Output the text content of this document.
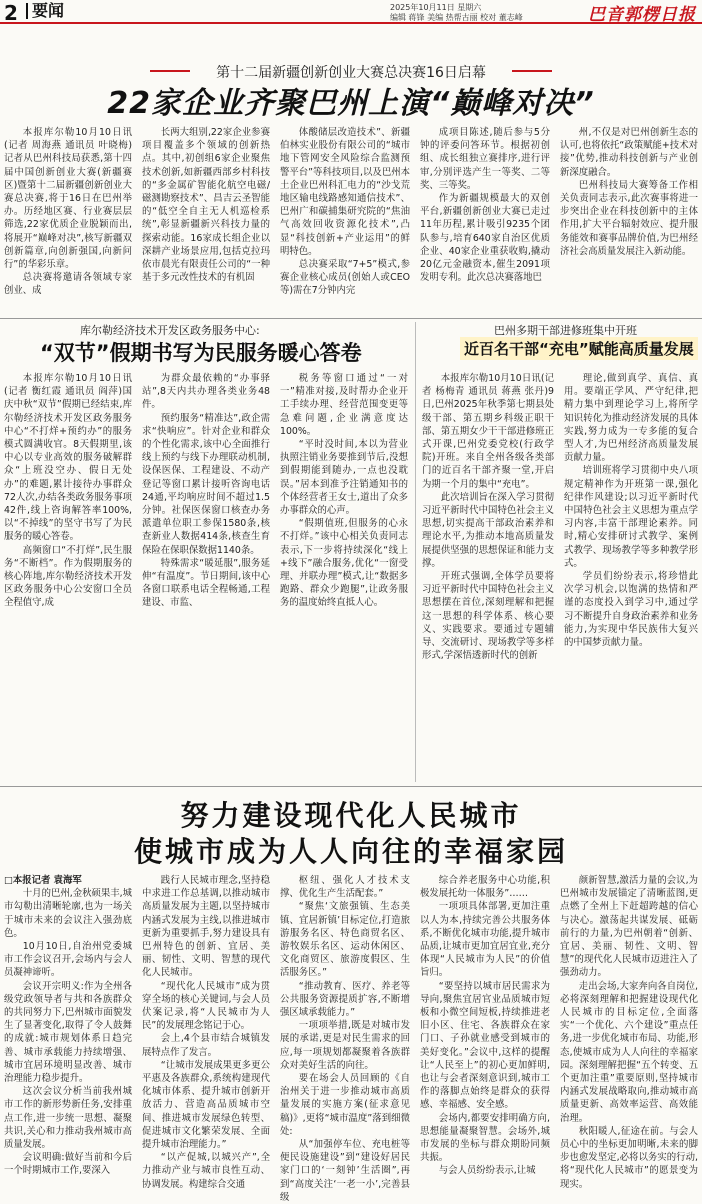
2 要闻	2025年10月11日 星期六
编辑 蒋锋 美编 热帮古丽 校对 董志峰	巴音郭楞日报
第十二届新疆创新创业大赛总决赛16日启幕
22家企业齐聚巴州上演“巅峰对决”

本报库尔勒10月10日讯(记者 周海燕 通讯员 叶晓梅)记者从巴州科技局获悉,第十四届中国创新创业大赛(新疆赛区)暨第十二届新疆创新创业大赛总决赛,将于16日在巴州举办。历经地区赛、行业赛层层筛选,22家优质企业脱颖而出,将展开“巅峰对决”,核写新疆双创新篇章,向创新强国,向新问行”的华彩乐章。

总决赛将邀请各领域专家创业、成

长两大组别,22家企业参赛项目覆盖多个领域的创新热点。其中,初创组6家企业聚焦技术创新,如新疆西部乡村科技的“多金属矿智能化航空电磁/磁测勘察技术”、昌吉云圣智能的“低空全自主无人机巡检系统”,彰显新疆新兴科技力量的探索动能。16家成长组企业以深耕产业场景应用,包括克拉玛依市晨光有限责任公司的“一种基于多元改性技术的有机固

体酸储层改造技术”、新疆伯林实业股份有限公司的“城市地下管网安全风险综合监测预警平台”等科技项目,以及巴州本土企业巴州科汇电力的“沙戈荒地区输电线路感知通信技术”、巴州广和碳捕集研究院的“焦油气高效回收资源化技术”,凸显“科技创新+产业运用”的鲜明特色。

总决赛采取“7+5”模式,参赛企业核心成员(创始人或CEO等)需在7分钟内完

成项目陈述,随后参与5分钟的评委问答环节。根据初创组、成长组独立赛排序,进行评审,分别评选产生一等奖、二等奖、三等奖。

作为新疆规模最大的双创平台,新疆创新创业大赛已走过11年历程,累计吸引9235个团队参与,培育640家自治区优质企业、40家企业重获收购,撬动20亿元金融资本,催生2091项发明专利。此次总决赛落地巴

州,不仅是对巴州创新生态的认可,也将依托“政策赋能+技术对接”优势,推动科技创新与产业创新深度融合。

巴州科技局大赛筹备工作相关负责同志表示,此次赛事将进一步突出企业在科技创新中的主体作用,扩大平台辐射效应、提升服务能效和赛事品牌价值,为巴州经济社会高质量发展注入新动能。

库尔勒经济技术开发区政务服务中心:
“双节”假期书写为民服务暖心答卷

本报库尔勒10月10日讯(记者 衡红霞 通讯员 阎萍)国庆中秋“双节”假期已经结束,库尔勒经济技术开发区政务服务中心“不打烊+预约办”的服务模式圆满收官。8天假期里,该中心以专业高效的服务破解群众“上班没空办、假日无处办”的难题,累计接待办事群众72人次,办结各类政务服务事项42件,线上咨询解答率100%,以“不掉线”的坚守书写了为民服务的暖心答卷。

高频窗口“不打烊”,民生服务“不断档”。作为假期服务的核心阵地,库尔勒经济技术开发区政务服务中心公安窗口全员全程值守,成

为群众最依赖的“办事驿站”,8天内共办理各类业务48件。

预约服务“精准达”,政企需求“快响应”。针对企业和群众的个性化需求,该中心全面推行线上预约与线下办理联动机制,设保医保、工程建设、不动产登记等窗口累计接听咨询电话24通,平均响应时间不超过1.5分钟。社保医保窗口核查办务派遣单位职工参保1580条,核查新业人数据414条,核查生育保险在保职保数据1140条。

特殊需求“暖延服”,服务延伸“有温度”。节日期间,该中心各窗口联系电话全程畅通,工程建设、市监、

税务等窗口通过“一对一”精准对接,及时帮办企业开工手续办理、经营范围变更等急难问题,企业满意度达100%。

“平时没时间,本以为营业执照注销业务要推到节后,没想到假期能到随办,一点也没耽误。”居本到准予注销通知书的个体经营者王女士,道出了众多办事群众的心声。

“假期值班,但服务的心永不打烊。”该中心相关负责同志表示,下一步将持续深化“线上+线下”融合服务,优化“一窗受理、并联办理”模式,让“数据多跑路、群众少跑腿”,让政务服务的温度始终直抵人心。

巴州多期干部进修班集中开班
近百名干部“充电”赋能高质量发展

本报库尔勒10月10日讯(记者 杨梅青 通讯员 蒋燕 张丹)9日,巴州2025年秋季第七期县处级干部、第五期乡科级正职干部、第五期女少干干部进修班正式开课,巴州党委党校(行政学院)开班。来自全州各级各类部门的近百名干部齐聚一堂,开启为期一个月的集中“充电”。

此次培训旨在深入学习贯彻习近平新时代中国特色社会主义思想,切实提高干部政治素养和理论水平,为推动本地高质量发展提供坚强的思想保证和能力支撑。

开班式强调,全体学员要将习近平新时代中国特色社会主义思想摆在首位,深刻理解和把握这一思想的科学体系、核心要义、实践要求。要通过专题辅导、交流研讨、现场教学等多样形式,学深悟透新时代的创新

理论,做到真学、真信、真用。要端正学风、严守纪律,把精力集中到理论学习上,将所学知识转化为推动经济发展的具体实践,努力成为一专多能的复合型人才,为巴州经济高质量发展贡献力量。

培训班将学习贯彻中央八项规定精神作为开班第一课,强化纪律作风建设;以习近平新时代中国特色社会主义思想为重点学习内容,丰富干部理论素养。同时,精心安排研讨式教学、案例式教学、现场教学等多种教学形式。

学员们纷纷表示,将珍惜此次学习机会,以饱满的热情和严谨的态度投入到学习中,通过学习不断提升自身政治素养和业务能力,为实现中华民族伟大复兴的中国梦贡献力量。

努力建设现代化人民城市
使城市成为人人向往的幸福家园
□本报记者 袁海军

十月的巴州,金秋硕果丰,城市勾勒出清晰轮廓,也为一场关于城市未来的会议注入强劲底色。

10月10日,自治州党委城市工作会议召开,会场内与会人员凝神谛听。

会议开宗明义:作为全州各级党政领导者与共和各族群众的共同努力下,巴州城市面貌发生了显著变化,取得了令人鼓舞的成就:城市规划体系日趋完善、城市承载能力持续增强、城市宜居环境明显改善、城市治理能力稳步提升。

这次会议分析当前我州城市工作的新形势新任务,安排重点工作,进一步统一思想、凝聚共识,关心和力推动我州城市高质量发展。

会议明确:做好当前和今后一个时期城市工作,要深入

践行人民城市理念,坚持稳中求进工作总基调,以推动城市高质量发展为主题,以坚持城市内涵式发展为主线,以推进城市更新为重要抓手,努力建设具有巴州特色的创新、宜居、美丽、韧性、文明、智慧的现代化人民城市。

“现代化人民城市”成为贯穿全场的核心关键词,与会人员伏案记录,将“人民城市为人民”的发展理念铭记于心。

会上,4个县市结合城镇发展特点作了发言。

“让城市发展成果更多更公平惠及各族群众,系统构建现代化城市体系、提升城市创新开放活力、营造高品质城市空间、推进城市发展绿色转型、促进城市文化繁荣发展、全面提升城市治理能力。”

“以产促城,以城兴产”,全力推动产业与城市良性互动、协调发展。构建综合交通

枢纽、强化人才技术支撑、优化生产生活配套。”

“聚焦‘文旅强镇、生态美镇、宜居新镇’目标定位,打造旅游服务名区、特色商贸名区、游牧娱乐名区、运动休闲区、文化商贸区、旅游度假区、生活服务区。”

“推动教育、医疗、养老等公共服务资源提质扩容,不断增强区域承载能力。”

一项项举措,既是对城市发展的承诺,更是对民生需求的回应,每一项规划都凝聚着各族群众对美好生活的向往。

要在场会人员回顾的《自治州关于进一步推动城市高质量发展的实施方案(征求意见稿)》,更将“城市温度”落到细微处:

从“加强停车位、充电桩等便民设施建设”到“建设好居民家门口的‘一刻钟’生活圈”,再到“高度关注‘一老一小’,完善县级

综合养老服务中心功能,积极发展托幼一体服务”……

一项项具体部署,更加注重以人为本,持续完善公共服务体系,不断优化城市功能,提升城市品质,让城市更加宜居宜业,充分体现“人民城市为人民”的价值旨归。

“要坚持以城市居民需求为导向,聚焦宜居官业品质城市短板和小微空间短板,持续推进老旧小区、住宅、各族群众在家门口、子孙就业感受到城市的美好变化。”会议中,这样的提醒让“人民至上”的初心更加鲜明,也让与会者深刻意识到,城市工作的落脚点始终是群众的获得感、幸福感、安全感。

会场内,都要安排明确方向,思想能量凝聚智慧。会场外,城市发展的坐标与群众期盼同频共振。

与会人员纷纷表示,让城

颜新智慧,激活力量的会议,为巴州城市发展锚定了清晰蓝图,更点燃了全州上下赶超跨越的信心与决心。激荡起共谋发展、砥砺前行的力量,为巴州朝着“创新、宜居、美丽、韧性、文明、智慧”的现代化人民城市迈进注入了强劲动力。

走出会场,大家奔向各自岗位,必将深刻理解和把握建设现代化人民城市的目标定位,全面落实“一个优化、六个建设”重点任务,进一步优化城市布局、功能,形态,使城市成为人人向往的幸福家园。深刻理解把握“五个转变、五个更加注重”重要原则,坚持城市内涵式发展战略取向,推动城市高质量更新、高效率运营、高效能治理。

秋阳暖人,征途在前。与会人员心中的坐标更加明晰,未来的脚步也愈发坚定,必将以务实的行动,将“现代化人民城市”的愿景变为现实。
